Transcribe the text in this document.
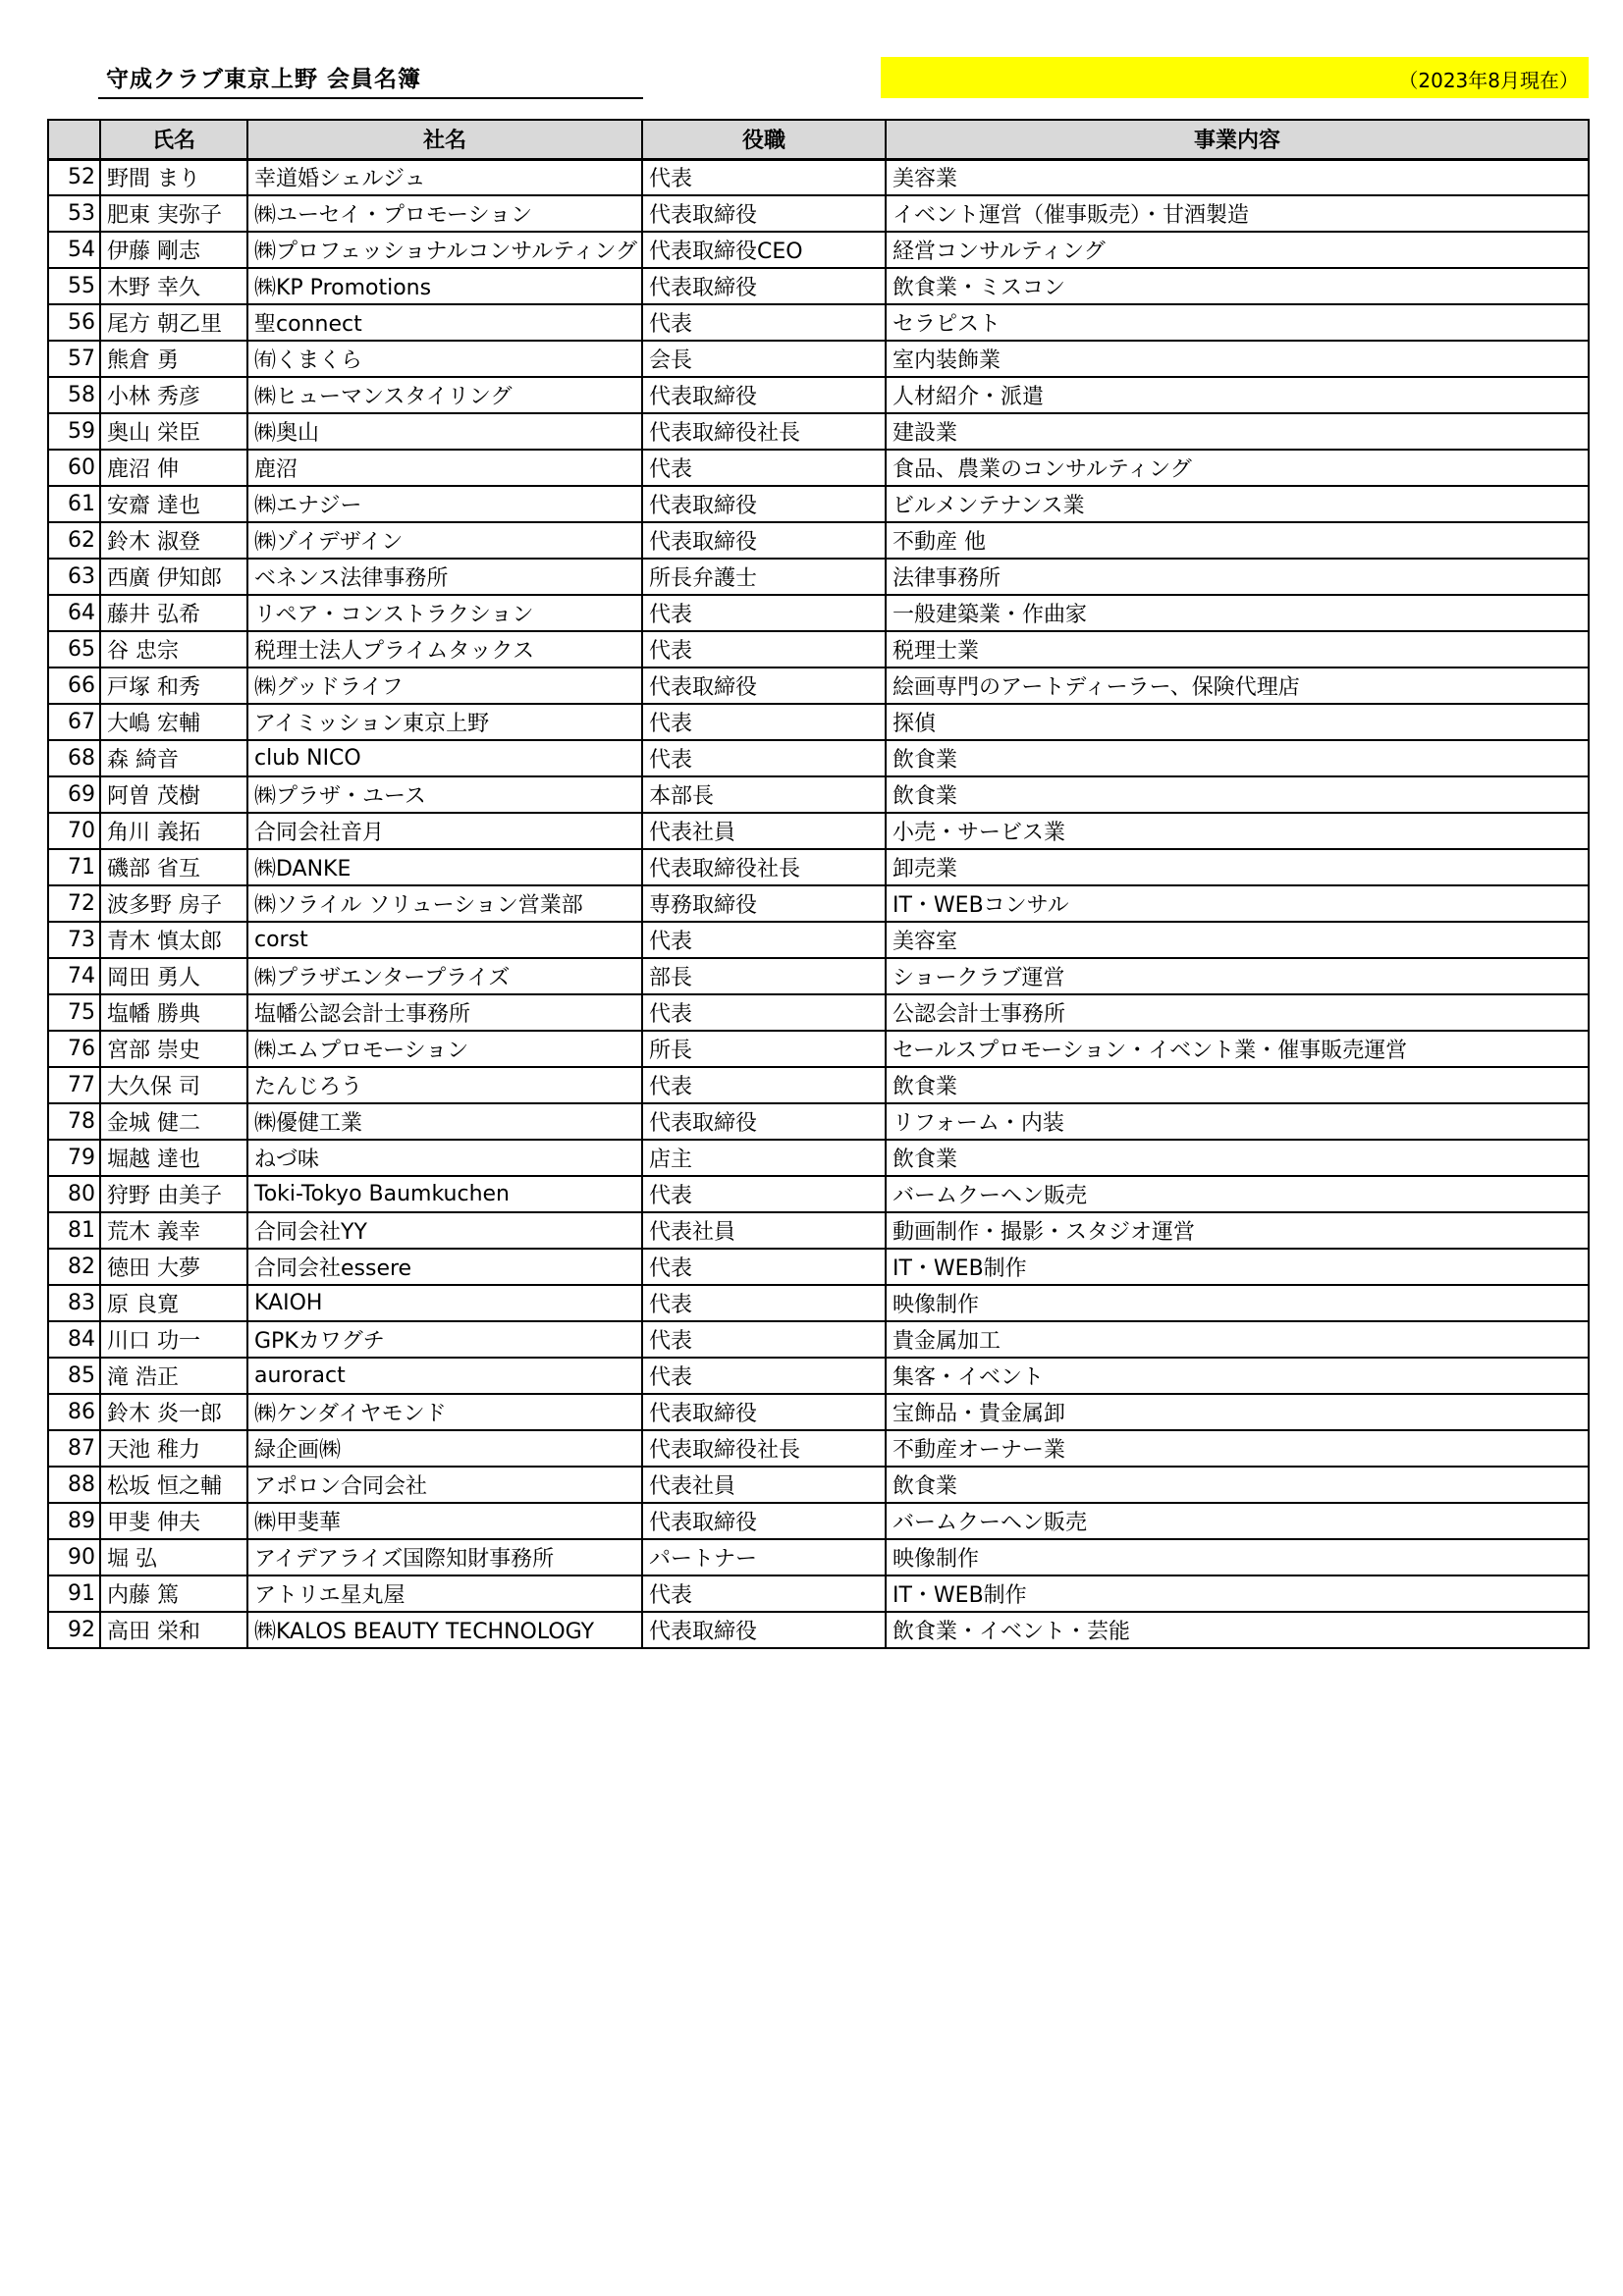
守成クラブ東京上野 会員名簿	（2023年8月現在）
	氏名	社名	役職	事業内容
52	野間 まり	幸道婚シェルジュ	代表	美容業
53	肥東 実弥子	㈱ユーセイ・プロモーション	代表取締役	イベント運営（催事販売）・甘酒製造
54	伊藤 剛志	㈱プロフェッショナルコンサルティング	代表取締役CEO	経営コンサルティング
55	木野 幸久	㈱KP Promotions	代表取締役	飲食業・ミスコン
56	尾方 朝乙里	聖connect	代表	セラピスト
57	熊倉 勇	㈲くまくら	会長	室内装飾業
58	小林 秀彦	㈱ヒューマンスタイリング	代表取締役	人材紹介・派遣
59	奥山 栄臣	㈱奥山	代表取締役社長	建設業
60	鹿沼 伸	鹿沼	代表	食品、農業のコンサルティング
61	安齋 達也	㈱エナジー	代表取締役	ビルメンテナンス業
62	鈴木 淑登	㈱ゾイデザイン	代表取締役	不動産 他
63	西廣 伊知郎	ベネンス法律事務所	所長弁護士	法律事務所
64	藤井 弘希	リペア・コンストラクション	代表	一般建築業・作曲家
65	谷 忠宗	税理士法人プライムタックス	代表	税理士業
66	戸塚 和秀	㈱グッドライフ	代表取締役	絵画専門のアートディーラー、保険代理店
67	大嶋 宏輔	アイミッション東京上野	代表	探偵
68	森 綺音	club NICO	代表	飲食業
69	阿曽 茂樹	㈱プラザ・ユース	本部長	飲食業
70	角川 義拓	合同会社音月	代表社員	小売・サービス業
71	磯部 省互	㈱DANKE	代表取締役社長	卸売業
72	波多野 房子	㈱ソライル ソリューション営業部	専務取締役	IT・WEBコンサル
73	青木 慎太郎	corst	代表	美容室
74	岡田 勇人	㈱プラザエンタープライズ	部長	ショークラブ運営
75	塩幡 勝典	塩幡公認会計士事務所	代表	公認会計士事務所
76	宮部 崇史	㈱エムプロモーション	所長	セールスプロモーション・イベント業・催事販売運営
77	大久保 司	たんじろう	代表	飲食業
78	金城 健二	㈱優健工業	代表取締役	リフォーム・内装
79	堀越 達也	ねづ味	店主	飲食業
80	狩野 由美子	Toki-Tokyo Baumkuchen	代表	バームクーヘン販売
81	荒木 義幸	合同会社YY	代表社員	動画制作・撮影・スタジオ運営
82	徳田 大夢	合同会社essere	代表	IT・WEB制作
83	原 良寛	KAIOH	代表	映像制作
84	川口 功一	GPKカワグチ	代表	貴金属加工
85	滝 浩正	auroract	代表	集客・イベント
86	鈴木 炎一郎	㈱ケンダイヤモンド	代表取締役	宝飾品・貴金属卸
87	天池 稚力	緑企画㈱	代表取締役社長	不動産オーナー業
88	松坂 恒之輔	アポロン合同会社	代表社員	飲食業
89	甲斐 伸夫	㈱甲斐華	代表取締役	バームクーヘン販売
90	堀 弘	アイデアライズ国際知財事務所	パートナー	映像制作
91	内藤 篤	アトリエ星丸屋	代表	IT・WEB制作
92	高田 栄和	㈱KALOS BEAUTY TECHNOLOGY	代表取締役	飲食業・イベント・芸能
